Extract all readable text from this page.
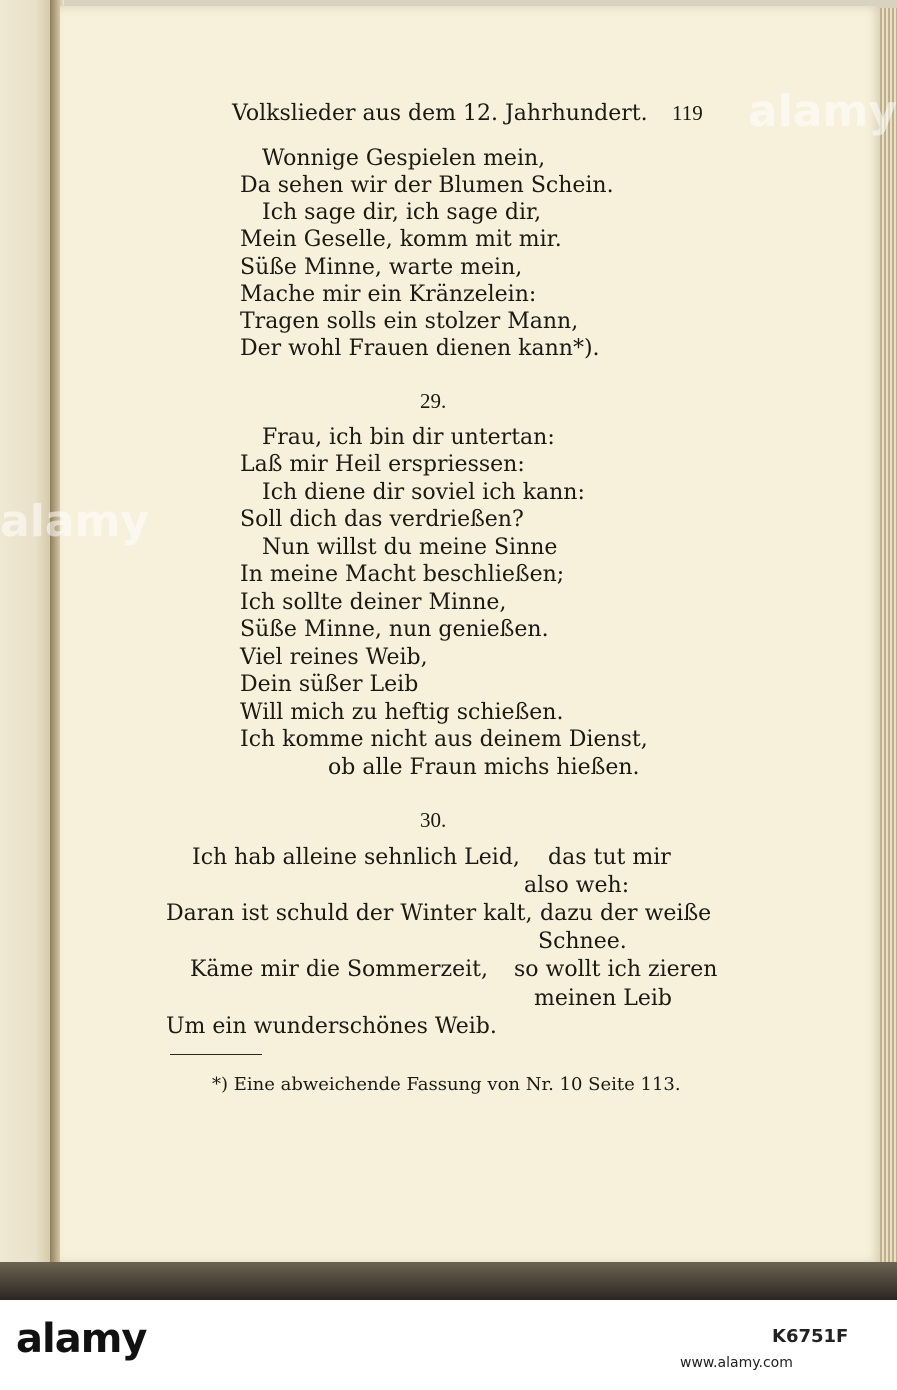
Volkslieder aus dem 12. Jahrhundert. 119

Wonnige Gespielen mein,

Da sehen wir der Blumen Schein.

Ich sage dir, ich sage dir,

Mein Geselle, komm mit mir.

Süße Minne, warte mein,

Mache mir ein Kränzelein:

Tragen solls ein stolzer Mann,

Der wohl Frauen dienen kann*).

29.

Frau, ich bin dir untertan:

Laß mir Heil erspriessen:

Ich diene dir soviel ich kann:

Soll dich das verdrießen?

Nun willst du meine Sinne

In meine Macht beschließen;

Ich sollte deiner Minne,

Süße Minne, nun genießen.

Viel reines Weib,

Dein süßer Leib

Will mich zu heftig schießen.

Ich komme nicht aus deinem Dienst,

ob alle Fraun michs hießen.

30.

Ich hab alleine sehnlich Leid, das tut mir

also weh:

Daran ist schuld der Winter kalt, dazu der weiße

Schnee.

Käme mir die Sommerzeit, so wollt ich zieren

meinen Leib

Um ein wunderschönes Weib.

*) Eine abweichende Fassung von Nr. 10 Seite 113.

alamy
alamy

alamy	K6751F

www.alamy.com
